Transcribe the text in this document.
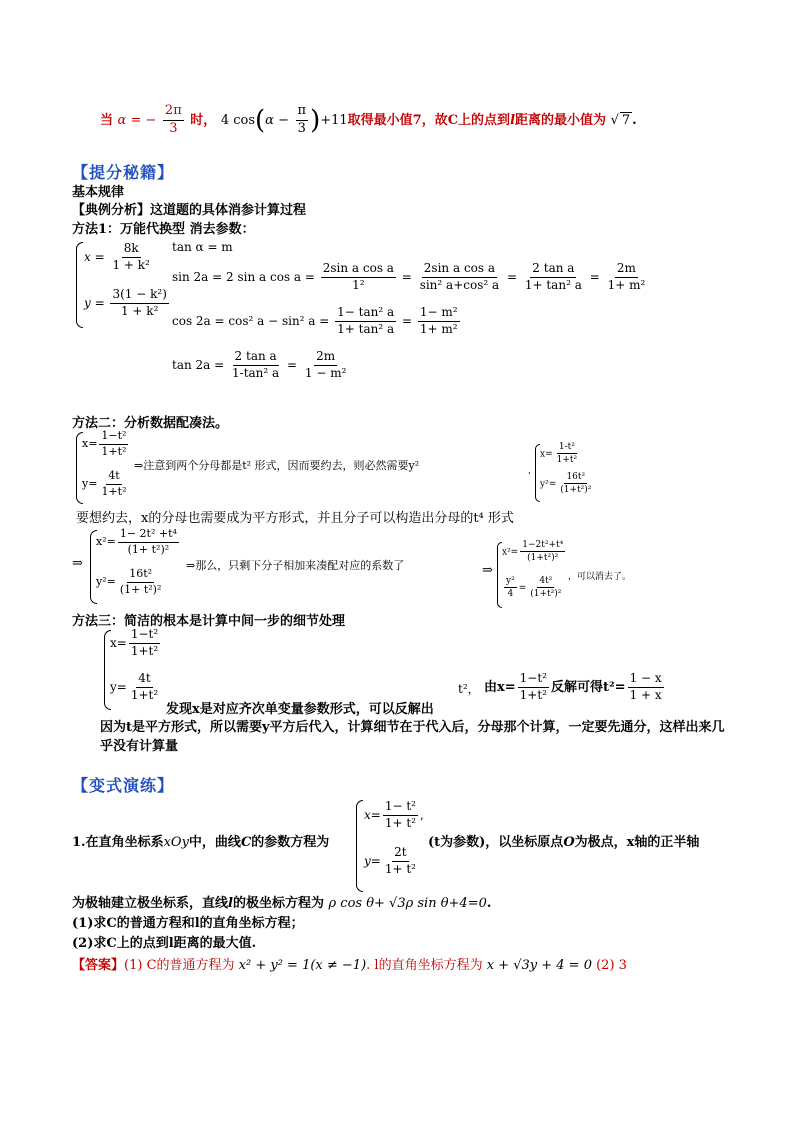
当 α = − $\frac{2\pi}{3}$ 时， 4 $\cos(\alpha - \frac{\pi}{3} )+11$取得最小值7，故C上的点到l距离的最小值为 √ 7 .
【提分秘籍】
基本规律
【典例分析】这道题的具体消参计算过程
方法1：万能代换型 消去参数：
$x = \frac{8k}{\text{1 + k²}}$
$y = \frac{\text{3(1 − k²)}}{\text{1 + k²}}$
tan α = m
sin 2a = 2 sin a $\cos a = \frac{\text{2sin a cos a}}{\text{1²}} = \frac{\text{2sin a cos a}}{\text{sin² a+cos² a}} = \frac{\text{2 tan a}}{\text{1+ tan² a}} = \frac{2m}{\text{1+ m²}}$
cos 2a = cos² a − sin² $a = \frac{\text{1− tan² a}}{\text{1+ tan² a}} = \frac{\text{1− m²}}{\text{1+ m²}}$
$\tan 2a = \frac{\text{2 tan a}}{\text{1-tan² a}} = \frac{2m}{\text{1 − m²}}$
方法二：分析数据配凑法。
$x= \frac{\text{1−t²}}{\text{1+t²}}$
$y= \frac{4t}{\text{1+t²}}$
⇒注意到两个分母都是t² 形式，因而要约去，则必然需要y²	，
$x= \frac{\text{1-t²}}{\text{1+t²}}$
$y^2= \frac{\text{16t²}}{\text{(1+t²)²}}$
要想约去，x的分母也需要成为平方形式，并且分子可以构造出分母的t⁴ 形式
⇒
$x^2= \frac{\text{1− 2t² +t⁴}}{\text{(1+ t²)²}}$
$y^2= \frac{\text{16t²}}{\text{(1+ t²)²}}$
⇒那么，只剩下分子相加来凑配对应的系数了	⇒
$x^2= \frac{\text{1−2t²+t⁴}}{\text{(1+t²)²}}$
$\frac{\text{y²}}{4} = \frac{\text{4t²}}{\text{(1+t²)²}}$ ，可以消去了。
方法三：简洁的根本是计算中间一步的细节处理
$x= \frac{\text{1−t²}}{\text{1+t²}}$
$y= \frac{4t}{\text{1+t²}}$
发现x是对应齐次单变量参数形式，可以反解出
t²， 由$x= \frac{\text{1−t²}}{\text{1+t²}}$ 反解可得$t^2= \frac{1 - x}{1 + x}$
因为t是平方形式，所以需要y平方后代入，计算细节在于代入后，分母那个计算，一定要先通分，这样出来几乎没有计算量
【变式演练】
1.在直角坐标系xOy中，曲线C的参数方程为
$x= \frac{\text{1− t²}}{\text{1+ t²}}$ ,
$y= \frac{2t}{\text{1+ t²}}$
(t为参数)，以坐标原点O为极点，x轴的正半轴
为极轴建立极坐标系，直线l的极坐标方程为 ρ cos θ+ √3ρ sin θ+4=0.
(1)求C的普通方程和l的直角坐标方程；
(2)求C上的点到l距离的最大值.
【答案】(1) C的普通方程为 x² + y² = 1(x ≠ −1). l的直角坐标方程为 x + √3y + 4 = 0 (2) 3
